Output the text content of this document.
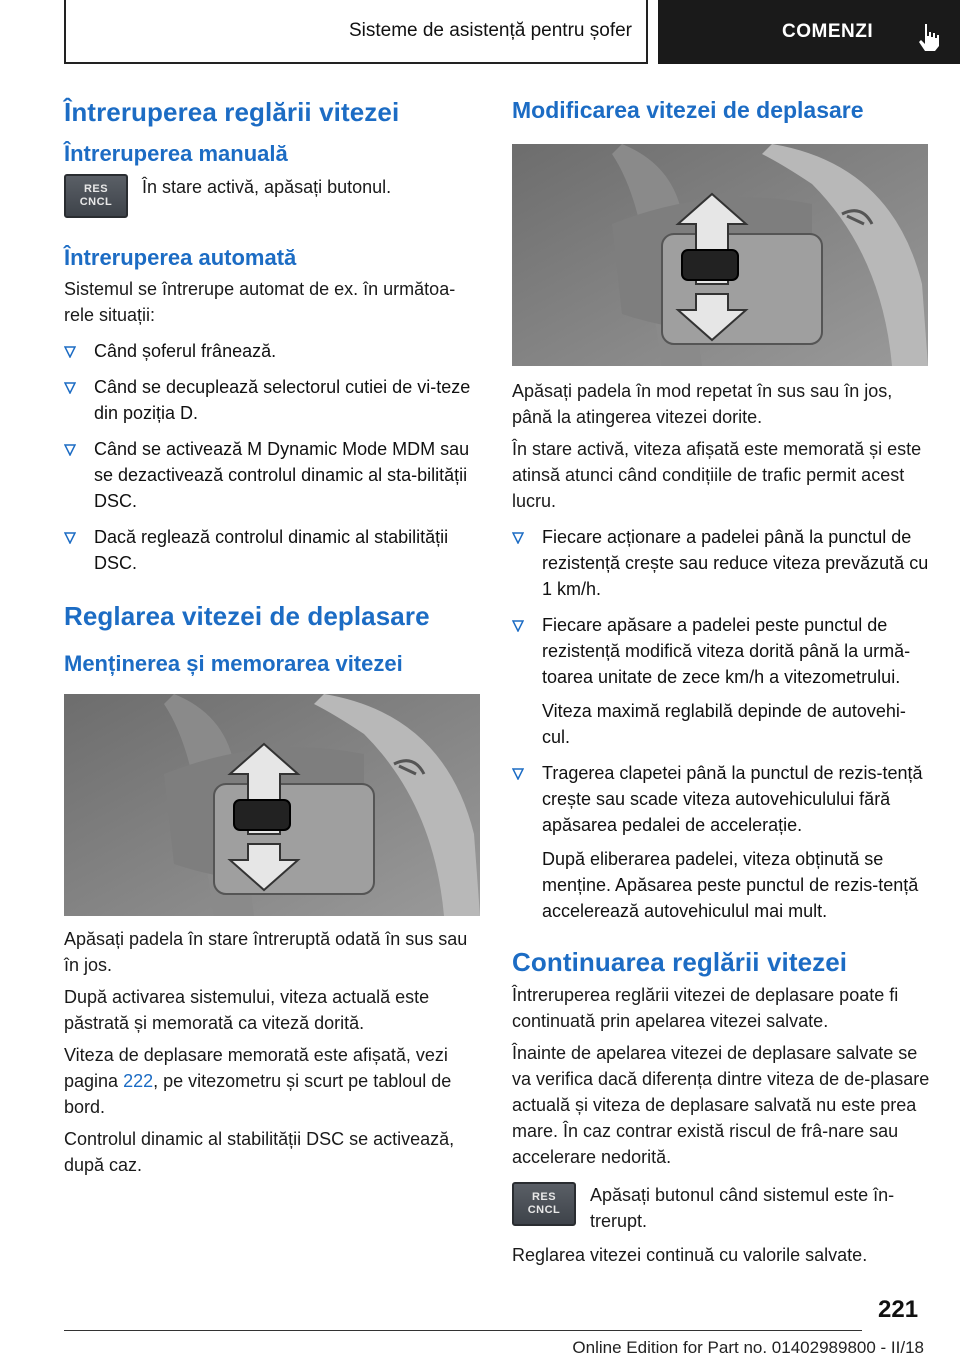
Sisteme de asistență pentru șofer	COMENZI
Întreruperea reglării vitezei
Întreruperea manuală
RES
CNCL

În stare activă, apăsați butonul.

Întreruperea automată

Sistemul se întrerupe automat de ex. în următoa-rele situații:

Când șoferul frânează.
Când se decuplează selectorul cutiei de vi-teze din poziția D.
Când se activează M Dynamic Mode MDM sau se dezactivează controlul dinamic al sta-bilității DSC.
Dacă reglează controlul dinamic al stabilității DSC.
Reglarea vitezei de deplasare
Menținerea și memorarea vitezei

Apăsați padela în stare întreruptă odată în sus sau în jos.

După activarea sistemului, viteza actuală este păstrată și memorată ca viteză dorită.

Viteza de deplasare memorată este afișată, vezi pagina 222, pe vitezometru și scurt pe tabloul de bord.

Controlul dinamic al stabilității DSC se activează, după caz.

Modificarea vitezei de deplasare

Apăsați padela în mod repetat în sus sau în jos, până la atingerea vitezei dorite.

În stare activă, viteza afișată este memorată și este atinsă atunci când condițiile de trafic permit acest lucru.

Fiecare acționare a padelei până la punctul de rezistență crește sau reduce viteza prevăzută cu 1 km/h.
Fiecare apăsare a padelei peste punctul de rezistență modifică viteza dorită până la urmă-toarea unitate de zece km/h a vitezometrului.
Viteza maximă reglabilă depinde de autovehi-cul.
Tragerea clapetei până la punctul de rezis-tență crește sau scade viteza autovehiculului fără apăsarea pedalei de accelerație.
După eliberarea padelei, viteza obținută se menține. Apăsarea peste punctul de rezis-tență accelerează autovehiculul mai mult.
Continuarea reglării vitezei

Întreruperea reglării vitezei de deplasare poate fi continuată prin apelarea vitezei salvate.

Înainte de apelarea vitezei de deplasare salvate se va verifica dacă diferența dintre viteza de de-plasare actuală și viteza de deplasare salvată nu este prea mare. În caz contrar există riscul de frâ-nare sau accelerare nedorită.

RES
CNCL

Apăsați butonul când sistemul este în-trerupt.

Reglarea vitezei continuă cu valorile salvate.

221
Online Edition for Part no. 01402989800 - II/18
